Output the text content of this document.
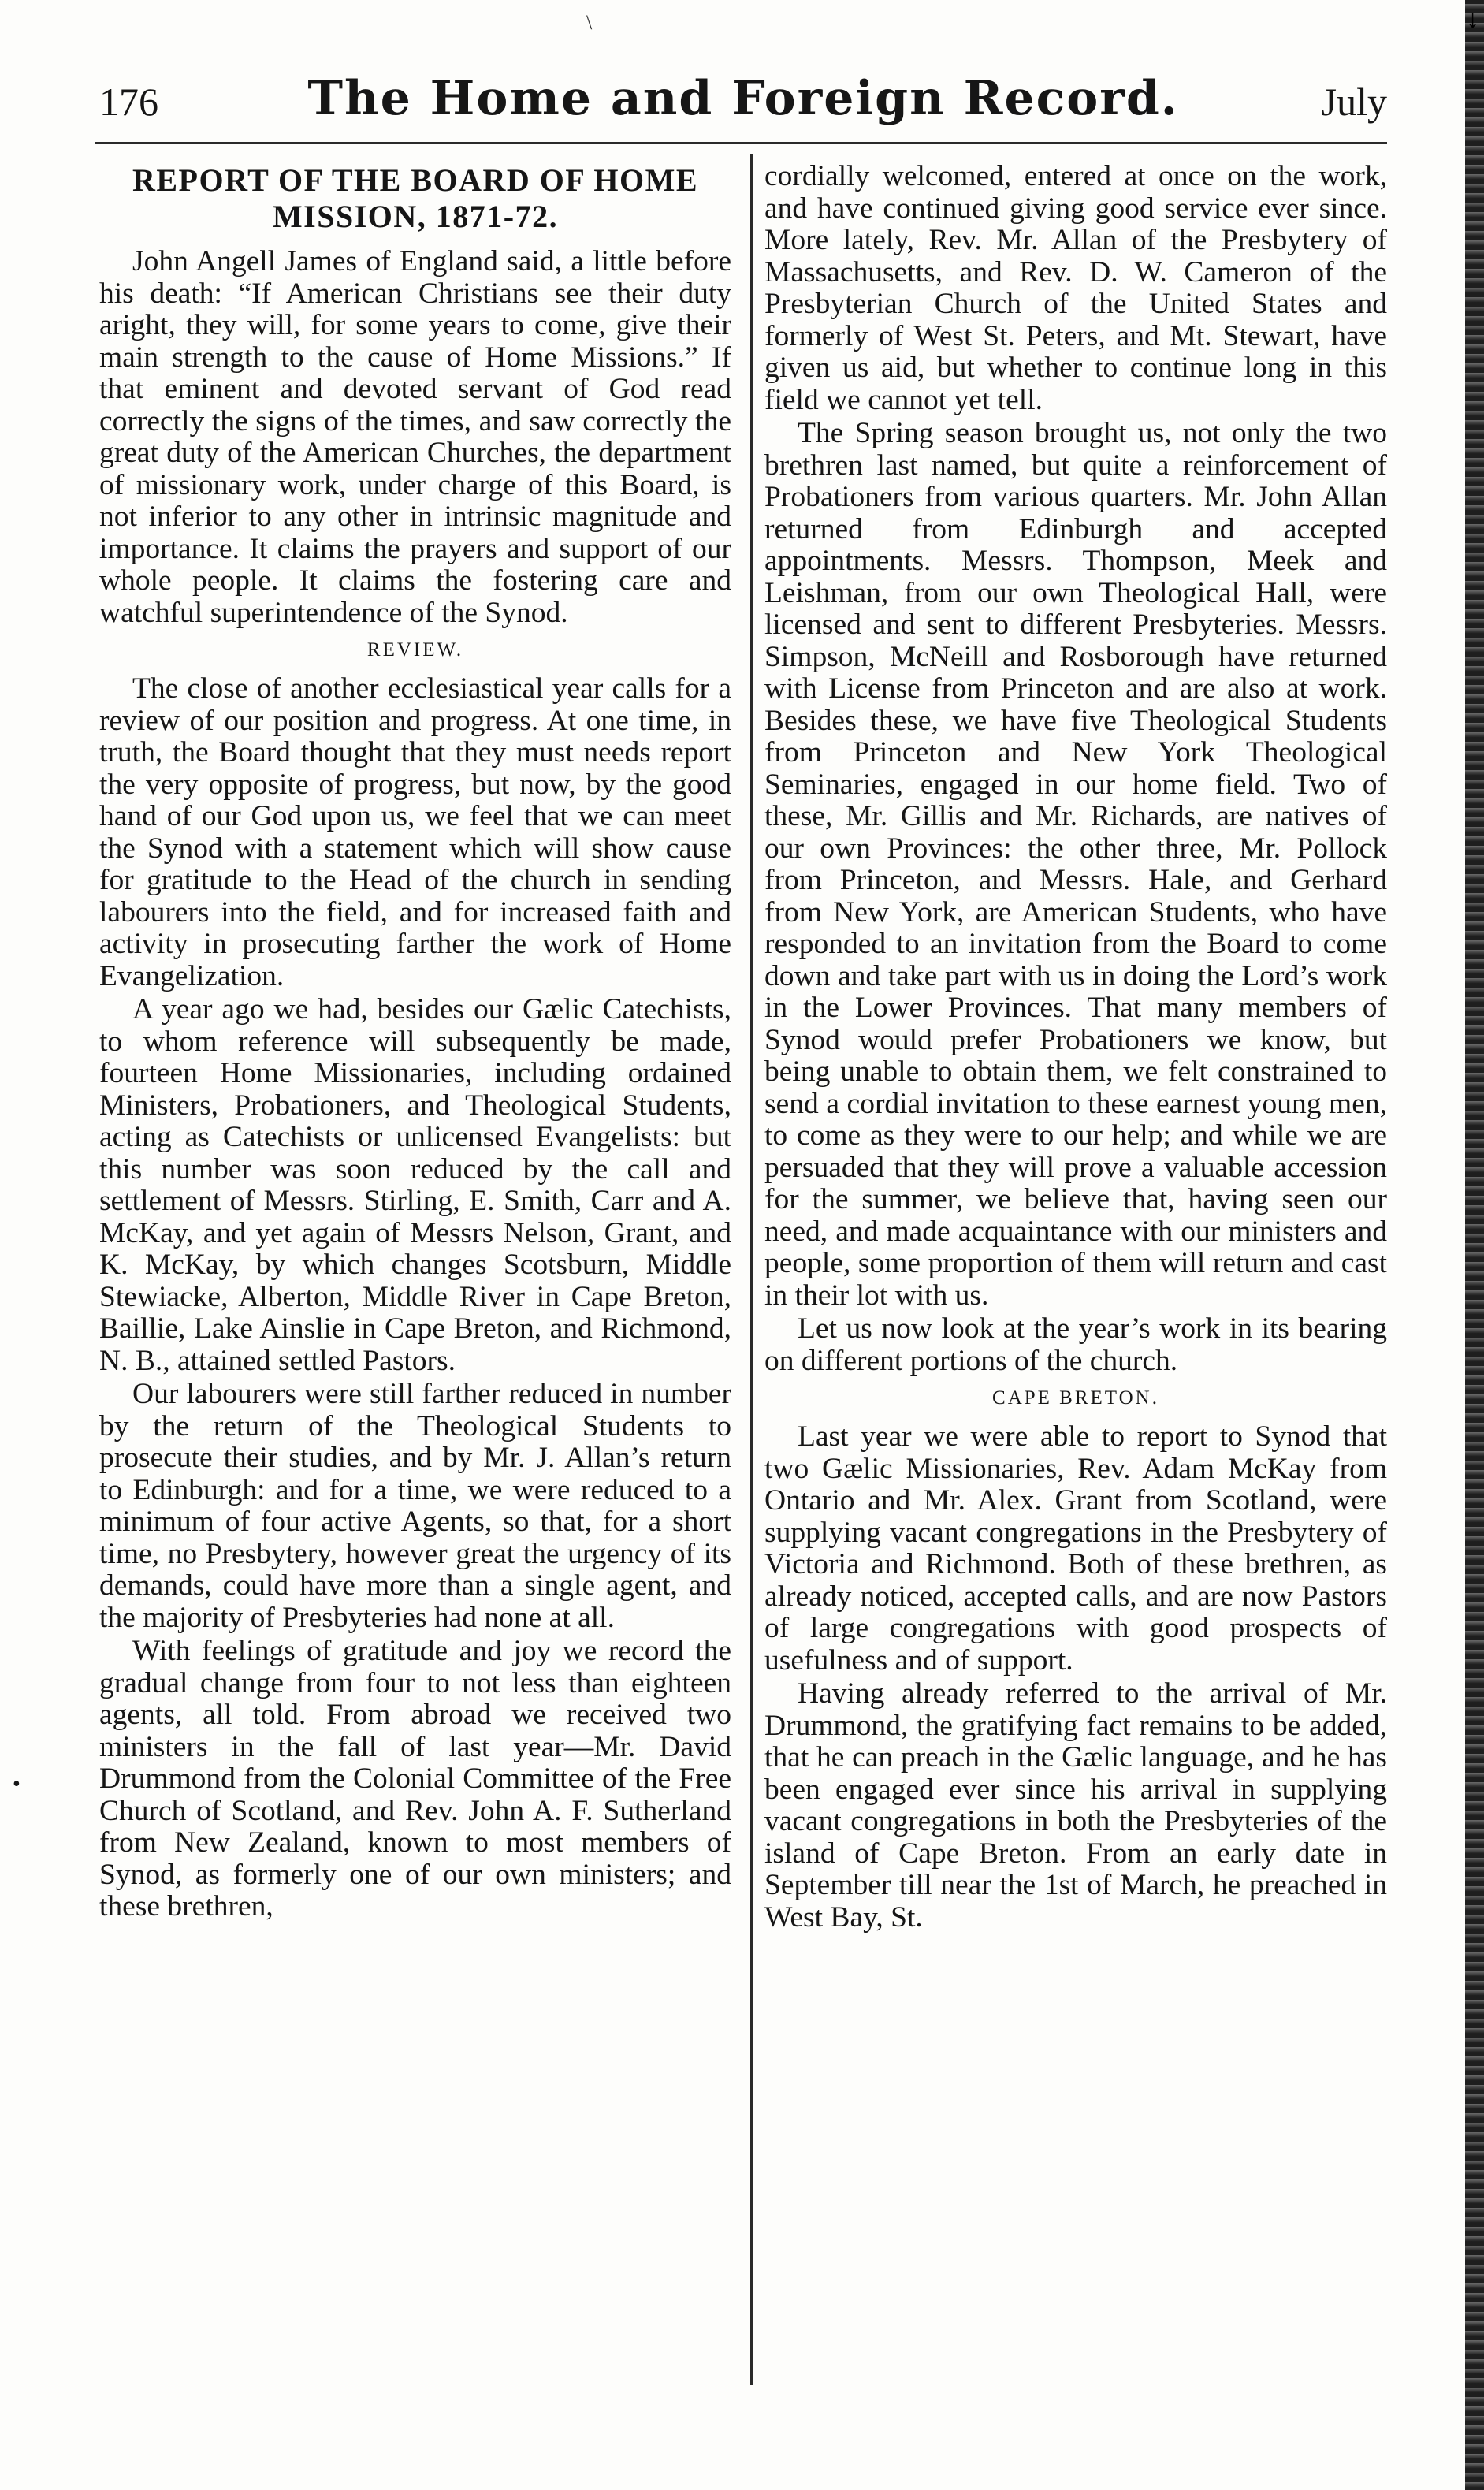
\
176	The Home and Foreign Record.	July
REPORT OF THE BOARD OF HOME MISSION, 1871-72.

John Angell James of England said, a little before his death: “If American Christians see their duty aright, they will, for some years to come, give their main strength to the cause of Home Missions.” If that eminent and devoted servant of God read correctly the signs of the times, and saw correctly the great duty of the American Churches, the department of missionary work, under charge of this Board, is not inferior to any other in intrinsic magnitude and importance. It claims the prayers and support of our whole people. It claims the fostering care and watchful superintendence of the Synod.

REVIEW.

The close of another ecclesiastical year calls for a review of our position and progress. At one time, in truth, the Board thought that they must needs report the very opposite of progress, but now, by the good hand of our God upon us, we feel that we can meet the Synod with a statement which will show cause for gratitude to the Head of the church in sending labourers into the field, and for increased faith and activity in prosecuting farther the work of Home Evangelization.

A year ago we had, besides our Gælic Catechists, to whom reference will subsequently be made, fourteen Home Missionaries, including ordained Ministers, Probationers, and Theological Students, acting as Catechists or unlicensed Evangelists: but this number was soon reduced by the call and settlement of Messrs. Stirling, E. Smith, Carr and A. McKay, and yet again of Messrs Nelson, Grant, and K. McKay, by which changes Scotsburn, Middle Stewiacke, Alberton, Middle River in Cape Breton, Baillie, Lake Ainslie in Cape Breton, and Richmond, N. B., attained settled Pastors.

Our labourers were still farther reduced in number by the return of the Theological Students to prosecute their studies, and by Mr. J. Allan’s return to Edinburgh: and for a time, we were reduced to a minimum of four active Agents, so that, for a short time, no Presbytery, however great the urgency of its demands, could have more than a single agent, and the majority of Presbyteries had none at all.

With feelings of gratitude and joy we record the gradual change from four to not less than eighteen agents, all told. From abroad we received two ministers in the fall of last year—Mr. David Drummond from the Colonial Committee of the Free Church of Scotland, and Rev. John A. F. Sutherland from New Zealand, known to most members of Synod, as formerly one of our own ministers; and these brethren,

cordially welcomed, entered at once on the work, and have continued giving good service ever since. More lately, Rev. Mr. Allan of the Presbytery of Massachusetts, and Rev. D. W. Cameron of the Presbyterian Church of the United States and formerly of West St. Peters, and Mt. Stewart, have given us aid, but whether to continue long in this field we cannot yet tell.

The Spring season brought us, not only the two brethren last named, but quite a reinforcement of Probationers from various quarters. Mr. John Allan returned from Edinburgh and accepted appointments. Messrs. Thompson, Meek and Leishman, from our own Theological Hall, were licensed and sent to different Presbyteries. Messrs. Simpson, McNeill and Rosborough have returned with License from Princeton and are also at work. Besides these, we have five Theological Students from Princeton and New York Theological Seminaries, engaged in our home field. Two of these, Mr. Gillis and Mr. Richards, are natives of our own Provinces: the other three, Mr. Pollock from Princeton, and Messrs. Hale, and Gerhard from New York, are American Students, who have responded to an invitation from the Board to come down and take part with us in doing the Lord’s work in the Lower Provinces. That many members of Synod would prefer Probationers we know, but being unable to obtain them, we felt constrained to send a cordial invitation to these earnest young men, to come as they were to our help; and while we are persuaded that they will prove a valuable accession for the summer, we believe that, having seen our need, and made acquaintance with our ministers and people, some proportion of them will return and cast in their lot with us.

Let us now look at the year’s work in its bearing on different portions of the church.

CAPE BRETON.

Last year we were able to report to Synod that two Gælic Missionaries, Rev. Adam McKay from Ontario and Mr. Alex. Grant from Scotland, were supplying vacant congregations in the Presbytery of Victoria and Richmond. Both of these brethren, as already noticed, accepted calls, and are now Pastors of large congregations with good prospects of usefulness and of support.

Having already referred to the arrival of Mr. Drummond, the gratifying fact remains to be added, that he can preach in the Gælic language, and he has been engaged ever since his arrival in supplying vacant congregations in both the Presbyteries of the island of Cape Breton. From an early date in September till near the 1st of March, he preached in West Bay, St.

•
↓
